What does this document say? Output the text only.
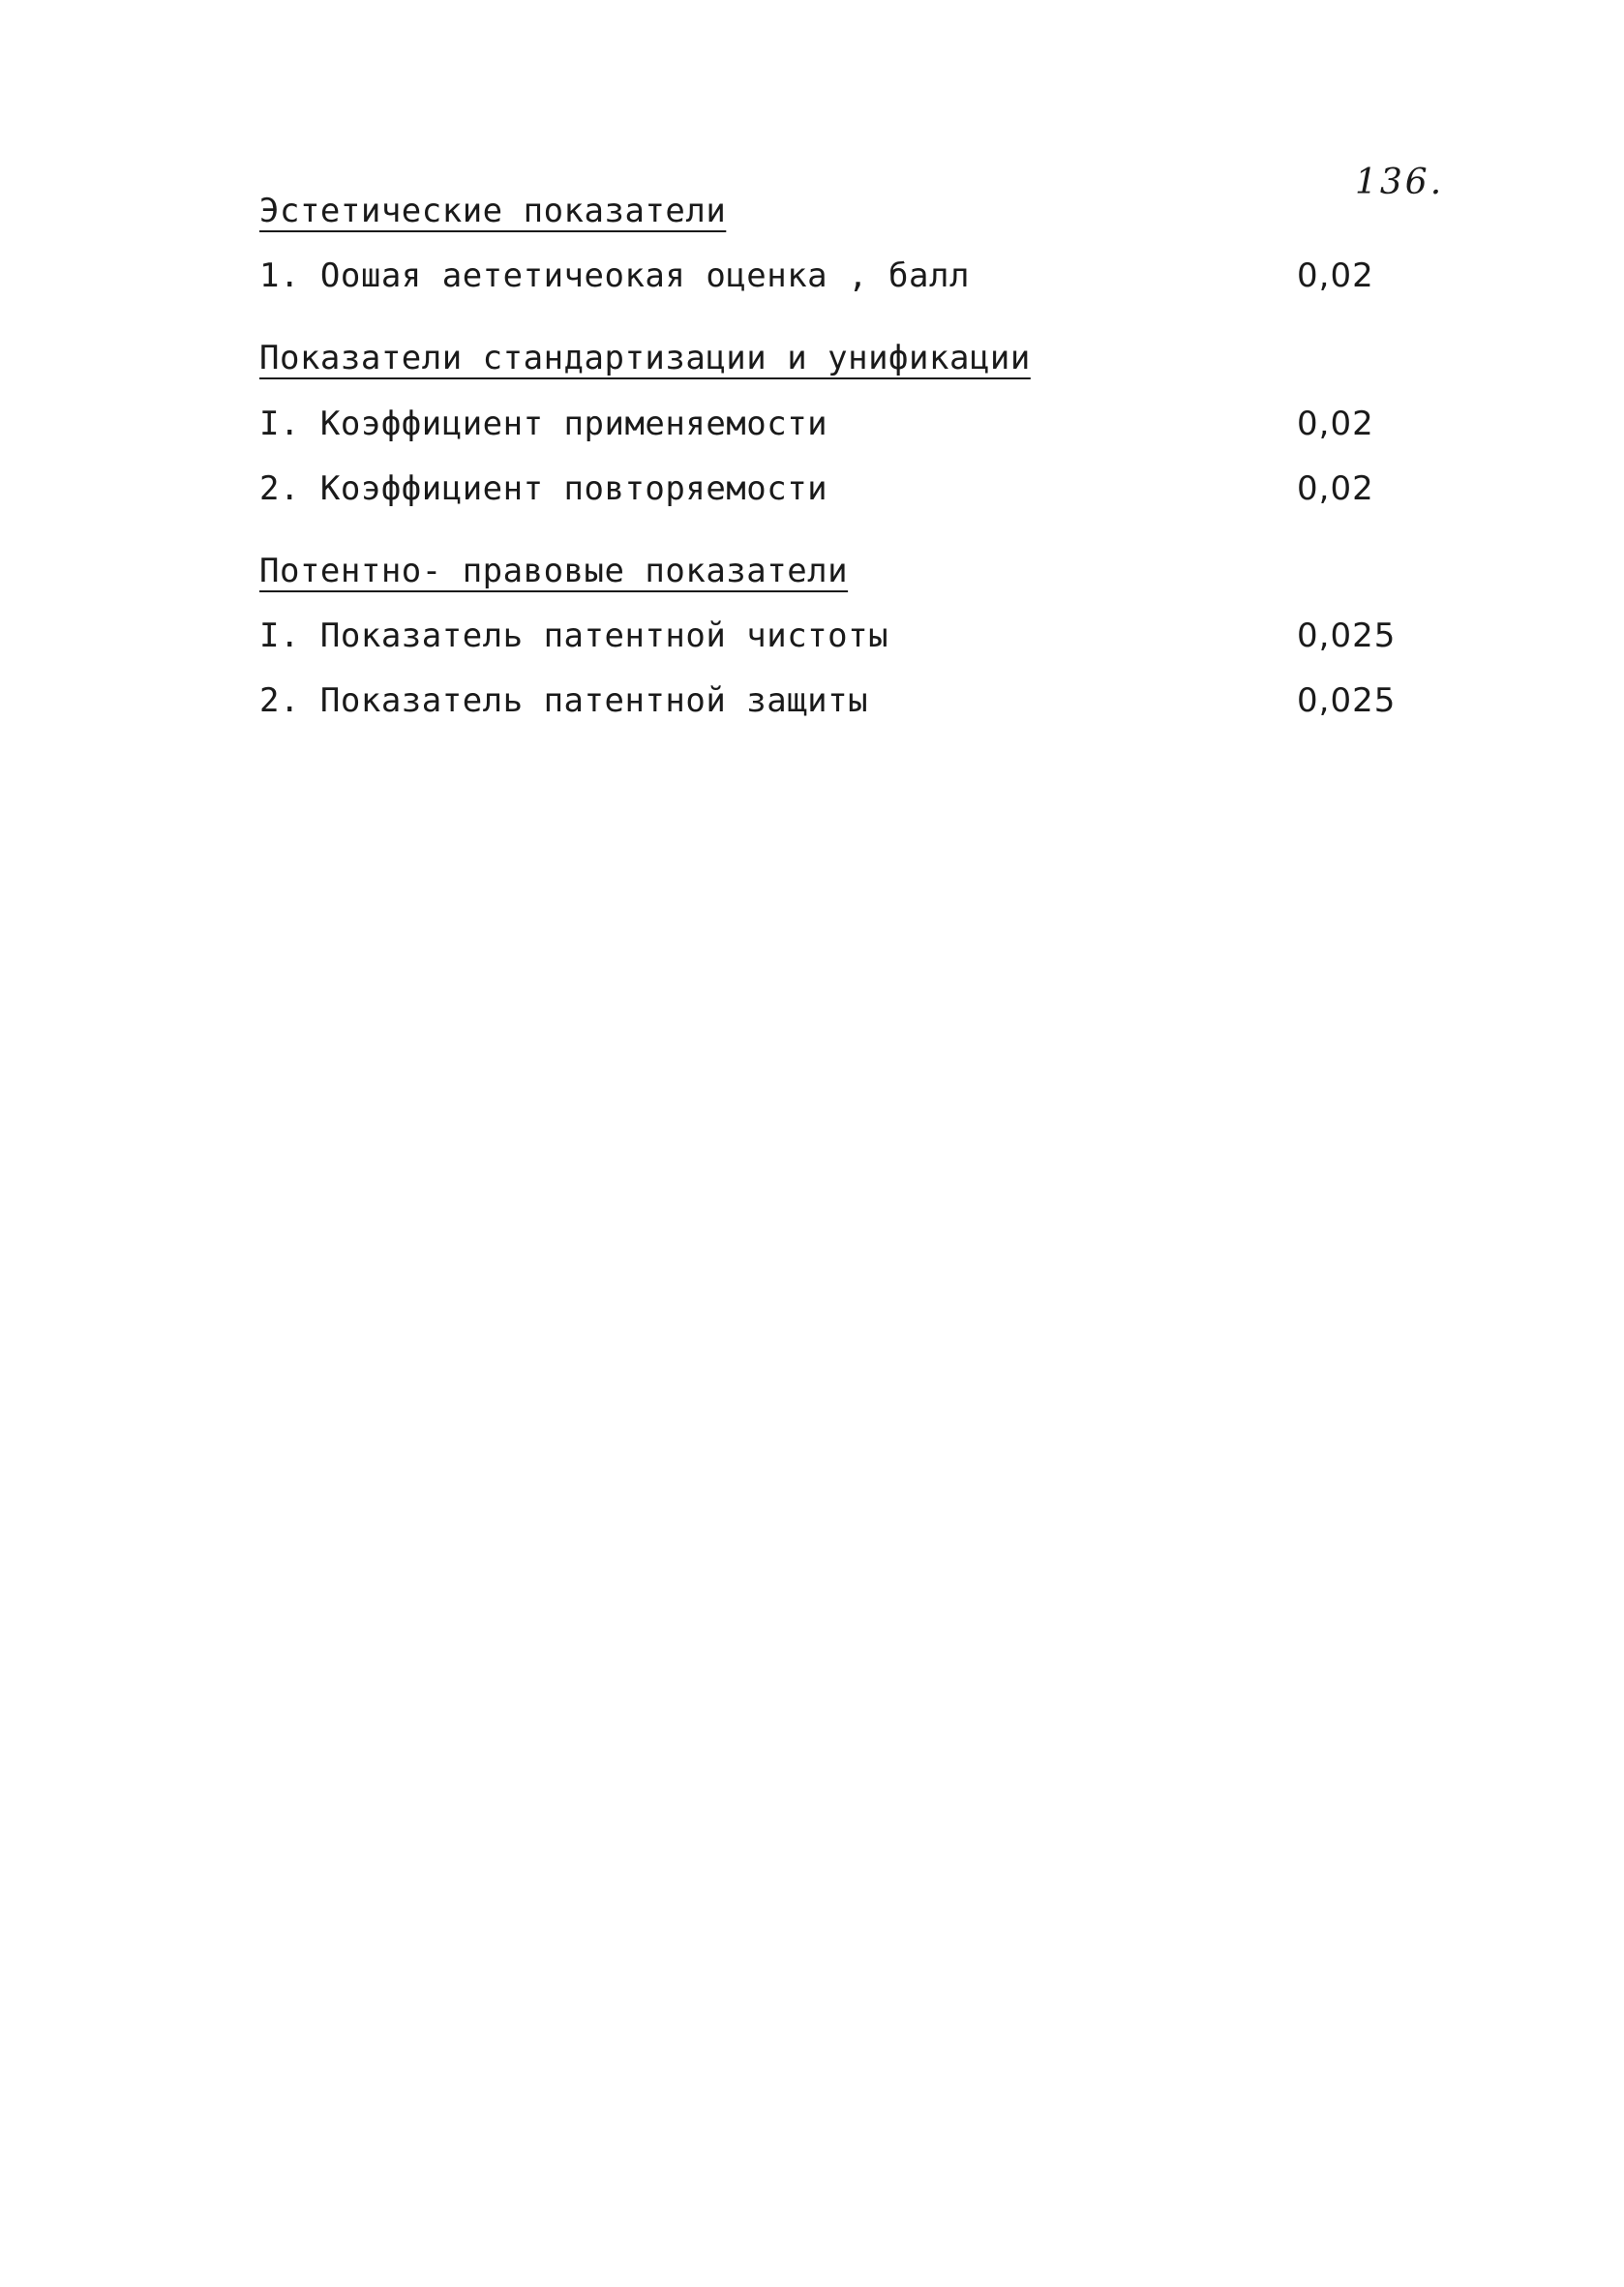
136.
Эстетические показатели
1. Оошая аететичеокая оценка , балл	0,02
Показатели стандартизации и унификации
I. Коэффициент применяемости	0,02
2. Коэффициент повторяемости	0,02
Потентно- правовые показатели
I. Показатель патентной чистоты	0,025
2. Показатель патентной защиты	0,025
